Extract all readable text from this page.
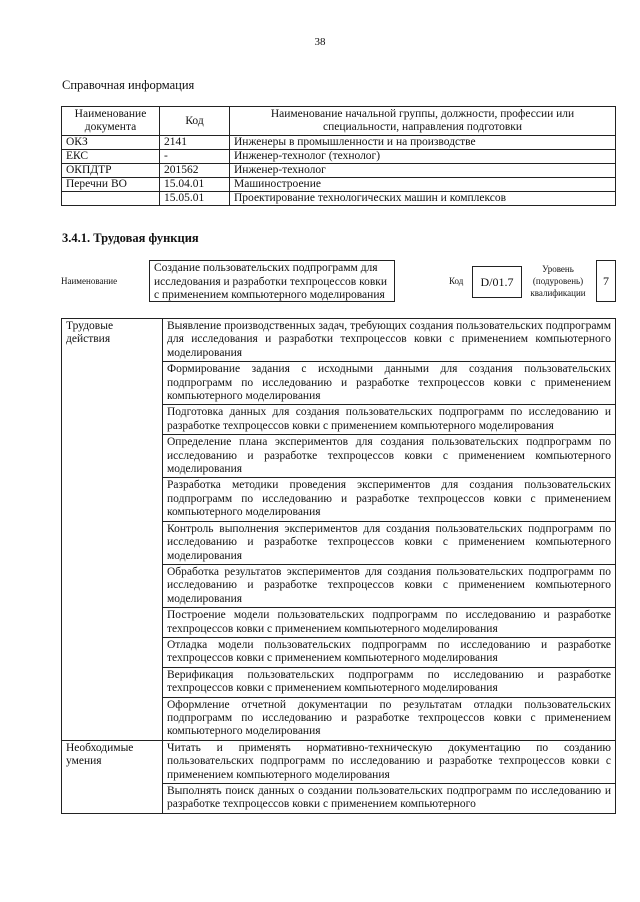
38
Справочная информация
Наименование документа	Код	Наименование начальной группы, должности, профессии или специальности, направления подготовки
ОКЗ	2141	Инженеры в промышленности и на производстве
ЕКС	-	Инженер-технолог (технолог)
ОКПДТР	201562	Инженер-технолог
Перечни ВО	15.04.01	Машиностроение
	15.05.01	Проектирование технологических машин и комплексов
3.4.1. Трудовая функция
Наименование
Создание пользовательских подпрограмм для исследования и разработки техпроцессов ковки с применением компьютерного моделирования
Код	D/01.7
Уровень (подуровень) квалификации
7
Трудовые действия	Выявление производственных задач, требующих создания пользовательских подпрограмм для исследования и разработки техпроцессов ковки с применением компьютерного моделирования
	Формирование задания с исходными данными для создания пользовательских подпрограмм по исследованию и разработке техпроцессов ковки с применением компьютерного моделирования
	Подготовка данных для создания пользовательских подпрограмм по исследованию и разработке техпроцессов ковки с применением компьютерного моделирования
	Определение плана экспериментов для создания пользовательских подпрограмм по исследованию и разработке техпроцессов ковки с применением компьютерного моделирования
	Разработка методики проведения экспериментов для создания пользовательских подпрограмм по исследованию и разработке техпроцессов ковки с применением компьютерного моделирования
	Контроль выполнения экспериментов для создания пользовательских подпрограмм по исследованию и разработке техпроцессов ковки с применением компьютерного моделирования
	Обработка результатов экспериментов для создания пользовательских подпрограмм по исследованию и разработке техпроцессов ковки с применением компьютерного моделирования
	Построение модели пользовательских подпрограмм по исследованию и разработке техпроцессов ковки с применением компьютерного моделирования
	Отладка модели пользовательских подпрограмм по исследованию и разработке техпроцессов ковки с применением компьютерного моделирования
	Верификация пользовательских подпрограмм по исследованию и разработке техпроцессов ковки с применением компьютерного моделирования
	Оформление отчетной документации по результатам отладки пользовательских подпрограмм по исследованию и разработке техпроцессов ковки с применением компьютерного моделирования
Необходимые умения	Читать и применять нормативно-техническую документацию по созданию пользовательских подпрограмм по исследованию и разработке техпроцессов ковки с применением компьютерного моделирования
	Выполнять поиск данных о создании пользовательских подпрограмм по исследованию и разработке техпроцессов ковки с применением компьютерного
